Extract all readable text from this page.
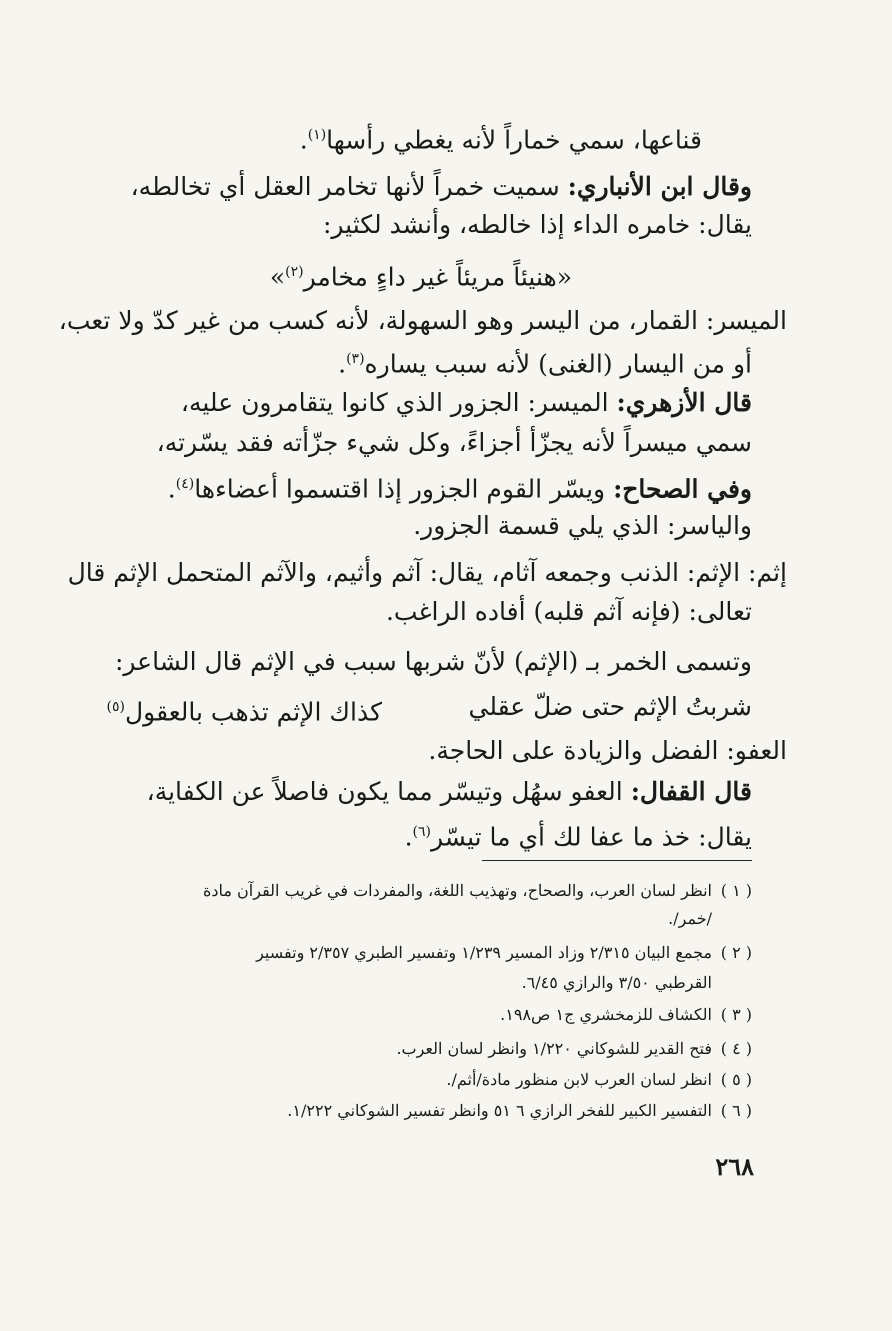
قناعها، سمي خماراً لأنه يغطي رأسها$^{(١)}$.
وقال ابن الأنباري: سميت خمراً لأنها تخامر العقل أي تخالطه،
يقال: خامره الداء إذا خالطه، وأنشد لكثير:
«هنيئاً مريئاً غير داءٍ مخامر$^{(٢)}$»
الميسر: القمار، من اليسر وهو السهولة، لأنه كسب من غير كدّ ولا تعب،
أو من اليسار (الغنى) لأنه سبب يساره$^{(٣)}$.
قال الأزهري: الميسر: الجزور الذي كانوا يتقامرون عليه،
سمي ميسراً لأنه يجزّأ أجزاءً، وكل شيء جزّأته فقد يسّرته،
وفي الصحاح: ويسّر القوم الجزور إذا اقتسموا أعضاءها$^{(٤)}$.
والياسر: الذي يلي قسمة الجزور.
إثم: الإثم: الذنب وجمعه آثام، يقال: آثم وأثيم، والآثم المتحمل الإثم قال
تعالى: (فإنه آثم قلبه) أفاده الراغب.
وتسمى الخمر بـ (الإثم) لأنّ شربها سبب في الإثم قال الشاعر:
شربتُ الإثم حتى ضلّ عقلي
كذاك الإثم تذهب بالعقول$^{(٥)}$
العفو: الفضل والزيادة على الحاجة.
قال القفال: العفو سهُل وتيسّر مما يكون فاصلاً عن الكفاية،
يقال: خذ ما عفا لك أي ما تيسّر$^{(٦)}$.
( ١ )انظر لسان العرب، والصحاح، وتهذيب اللغة، والمفردات في غريب القرآن مادة
/خمر/.
( ٢ )مجمع البيان ٢/٣١٥ وزاد المسير ١/٢٣٩ وتفسير الطبري ٢/٣٥٧ وتفسير
القرطبي ٣/٥٠ والرازي ٦/٤٥.
( ٣ )الكشاف للزمخشري ج١ ص١٩٨.
( ٤ )فتح القدير للشوكاني ١/٢٢٠ وانظر لسان العرب.
( ٥ )انظر لسان العرب لابن منظور مادة/أثم/.
( ٦ )التفسير الكبير للفخر الرازي ٦ ٥١ وانظر تفسير الشوكاني ١/٢٢٢.
٢٦٨
